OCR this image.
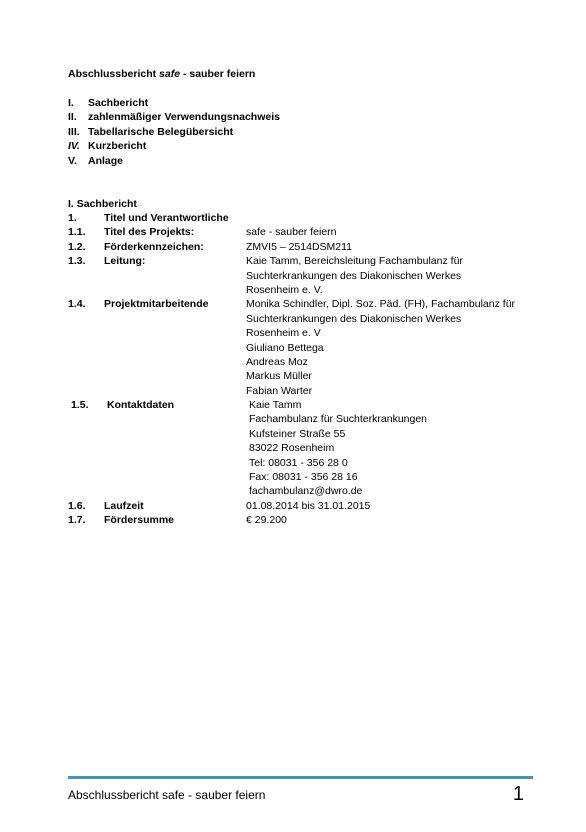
Abschlussbericht safe - sauber feiern
I.	Sachbericht
II.	zahlenmäßiger Verwendungsnachweis
III. Tabellarische Belegübersicht
IV. Kurzbericht
V.	Anlage
I. Sachbericht
1.	Titel und Verantwortliche
1.1.	Titel des Projekts:	safe - sauber feiern
1.2.	Förderkennzeichen:	ZMVI5 – 2514DSM211
1.3.	Leitung:	Kaie Tamm, Bereichsleitung Fachambulanz für
Suchterkrankungen des Diakonischen Werkes
Rosenheim e. V.
1.4.	Projektmitarbeitende	Monika Schindler, Dipl. Soz. Päd. (FH), Fachambulanz für
Suchterkrankungen des Diakonischen Werkes
Rosenheim e. V
Giuliano Bettega
Andreas Moz
Markus Müller
Fabian Warter
1.5.	Kontaktdaten	Kaie Tamm
Fachambulanz für Suchterkrankungen
Kufsteiner Straße 55
83022 Rosenheim
Tel: 08031 - 356 28 0
Fax: 08031 - 356 28 16
fachambulanz@dwro.de
1.6.	Laufzeit	01.08.2014 bis 31.01.2015
1.7.	Fördersumme	€ 29.200
Abschlussbericht safe - sauber feiern	1
